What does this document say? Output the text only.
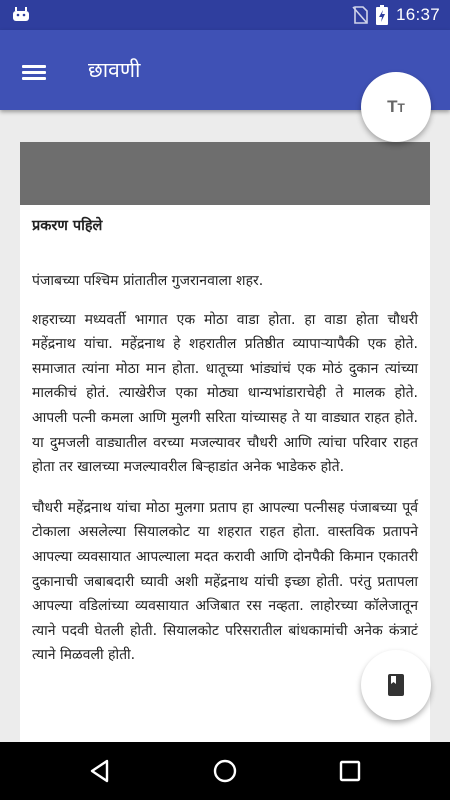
16:37
छावणी
TT

प्रकरण पहिले

पंजाबच्या पश्चिम प्रांतातील गुजरानवाला शहर.

शहराच्या मध्यवर्ती भागात एक मोठा वाडा होता. हा वाडा होता चौधरी महेंद्रनाथ यांचा. महेंद्रनाथ हे शहरातील प्रतिष्ठीत व्यापाऱ्यापैकी एक होते. समाजात त्यांना मोठा मान होता. धातूच्या भांड्यांचं एक मोठं दुकान त्यांच्या मालकीचं होतं. त्याखेरीज एका मोठ्या धान्यभांडाराचेही ते मालक होते. आपली पत्नी कमला आणि मुलगी सरिता यांच्यासह ते या वाड्यात राहत होते. या दुमजली वाड्यातील वरच्या मजल्यावर चौधरी आणि त्यांचा परिवार राहत होता तर खालच्या मजल्यावरील बिऱ्हाडांत अनेक भाडेकरु होते.

चौधरी महेंद्रनाथ यांचा मोठा मुलगा प्रताप हा आपल्या पत्नीसह पंजाबच्या पूर्व टोकाला असलेल्या सियालकोट या शहरात राहत होता. वास्तविक प्रतापने आपल्या व्यवसायात आपल्याला मदत करावी आणि दोनपैकी किमान एकातरी दुकानाची जबाबदारी घ्यावी अशी महेंद्रनाथ यांची इच्छा होती. परंतु प्रतापला आपल्या वडिलांच्या व्यवसायात अजिबात रस नव्हता. लाहोरच्या कॉलेजातून त्याने पदवी घेतली होती. सियालकोट परिसरातील बांधकामांची अनेक कंत्राटं त्याने मिळवली होती.
